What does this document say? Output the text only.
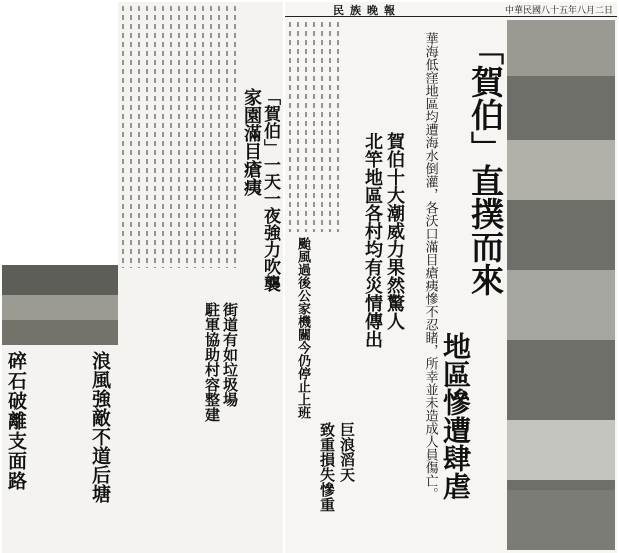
碎石破離支面路	浪風強敵不道后塘
「賀伯」一天一夜強力吹襲
家園滿目瘡痍
街道有如垃圾場
駐軍協助村容整建
民族晚報	中華民國八十五年八月二日
「賀伯」直撲而來
地區慘遭肆虐
華海低窪地區均遭海水倒灌，各沃口滿目瘡痍慘不忍睹，所幸並未造成人員傷亡。
賀伯十大潮威力果然驚人
北竿地區各村均有災情傳出
颱風過後公家機關今仍停止上班
巨浪滔天
致重損失慘重
